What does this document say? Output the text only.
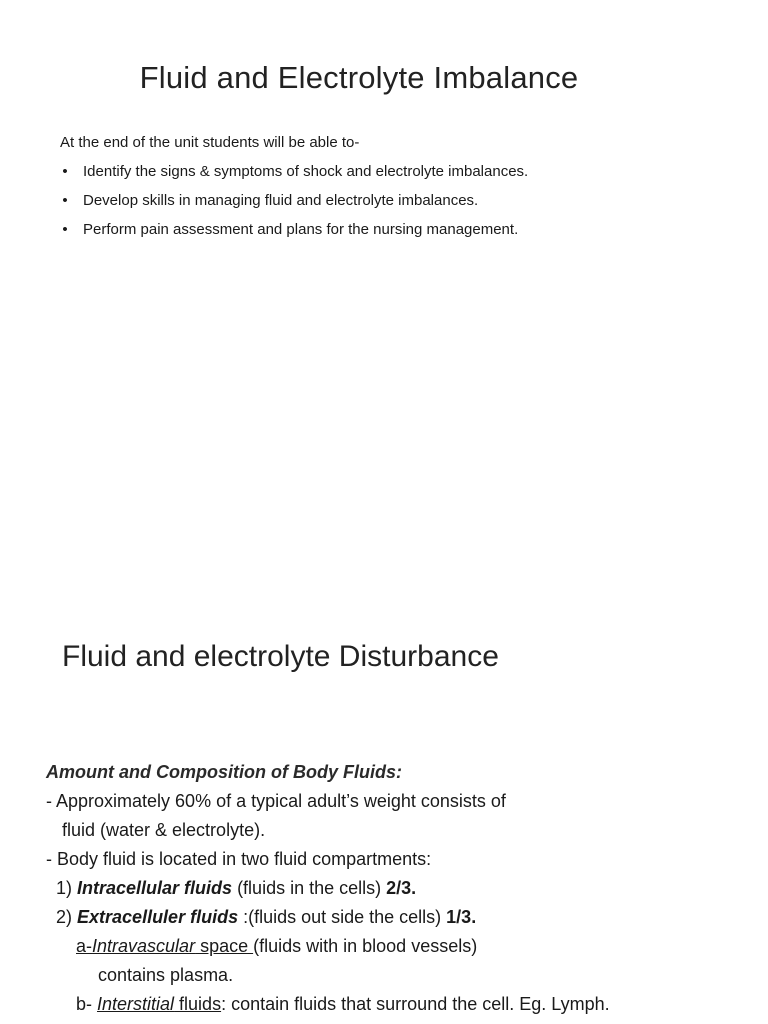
Fluid and Electrolyte Imbalance

At the end of the unit students will be able to-

• Identify the signs & symptoms of shock and electrolyte imbalances.
• Develop skills in managing fluid and electrolyte imbalances.
• Perform pain assessment and plans for the nursing management.
Fluid and electrolyte Disturbance
Amount and Composition of Body Fluids:
- Approximately 60% of a typical adult’s weight consists of
fluid (water & electrolyte).
- Body fluid is located in two fluid compartments:
1) Intracellular fluids (fluids in the cells) 2/3.
2) Extracelluler fluids :(fluids out side the cells) 1/3.
a-Intravascular space (fluids with in blood vessels)
contains plasma.
b- Interstitial fluids: contain fluids that surround the cell. Eg. Lymph.
